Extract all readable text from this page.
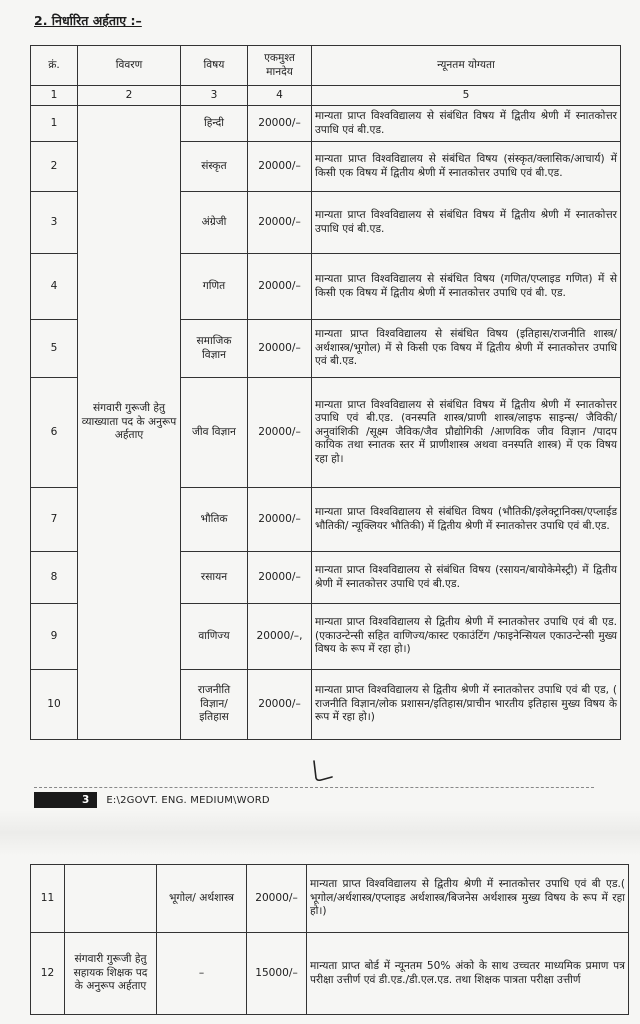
2. निर्धारित अर्हताए :–
क्रं.	विवरण	विषय	एकमुश्त मानदेय	न्यूनतम योग्यता
1	2	3	4	5
1	संगवारी गुरूजी हेतु व्याख्याता पद के अनुरूप अर्हताए	हिन्दी	20000/–	मान्यता प्राप्त विश्वविद्यालय से संबंधित विषय में द्वितीय श्रेणी में स्नातकोत्तर उपाधि एवं बी.एड.
2		संस्कृत	20000/–	मान्यता प्राप्त विश्वविद्यालय से संबंधित विषय (संस्कृत/क्लासिक/आचार्य) में किसी एक विषय में द्वितीय श्रेणी में स्नातकोत्तर उपाधि एवं बी.एड.
3		अंग्रेजी	20000/–	मान्यता प्राप्त विश्वविद्यालय से संबंधित विषय में द्वितीय श्रेणी में स्नातकोत्तर उपाधि एवं बी.एड.
4		गणित	20000/–	मान्यता प्राप्त विश्वविद्यालय से संबंधित विषय (गणित/एप्लाइड गणित) में से किसी एक विषय में द्वितीय श्रेणी में स्नातकोत्तर उपाधि एवं बी. एड.
5		समाजिक विज्ञान	20000/–	मान्यता प्राप्त विश्वविद्यालय से संबंधित विषय (इतिहास/राजनीति शास्त्र/ अर्थशास्त्र/भूगोल) में से किसी एक विषय में द्वितीय श्रेणी में स्नातकोत्तर उपाधि एवं बी.एड.
6		जीव विज्ञान	20000/–	मान्यता प्राप्त विश्वविद्यालय से संबंधित विषय में द्वितीय श्रेणी में स्नातकोत्तर उपाधि एवं बी.एड. (वनस्पति शास्त्र/प्राणी शास्त्र/लाइफ साइन्स/ जैविकी/अनुवांशिकी /सूक्ष्म जैविक/जैव प्रौद्योगिकी /आणविक जीव विज्ञान /पादप कायिक तथा स्नातक स्तर में प्राणीशास्त्र अथवा वनस्पति शास्त्र) में एक विषय रहा हो।
7		भौतिक	20000/–	मान्यता प्राप्त विश्वविद्यालय से संबंधित विषय (भौतिकी/इलेक्ट्रानिक्स/एप्लाईड भौतिकी/ न्यूक्लियर भौतिकी) में द्वितीय श्रेणी में स्नातकोत्तर उपाधि एवं बी.एड.
8		रसायन	20000/–	मान्यता प्राप्त विश्वविद्यालय से संबंधित विषय (रसायन/बायोकेमेस्ट्री) में द्वितीय श्रेणी में स्नातकोत्तर उपाधि एवं बी.एड.
9		वाणिज्य	20000/–,	मान्यता प्राप्त विश्वविद्यालय से द्वितीय श्रेणी में स्नातकोत्तर उपाधि एवं बी एड.(एकाउन्टेन्सी सहित वाणिज्य/कास्ट एकाउंटिंग /फाइनेन्सियल एकाउन्टेन्सी मुख्य विषय के रूप में रहा हो।)
10		राजनीति विज्ञान/ इतिहास	20000/–	मान्यता प्राप्त विश्वविद्यालय से द्वितीय श्रेणी में स्नातकोत्तर उपाधि एवं बी एड, ( राजनीति विज्ञान/लोक प्रशासन/इतिहास/प्राचीन भारतीय इतिहास मुख्य विषय के रूप में रहा हो।)
3 E:\2GOVT. ENG. MEDIUM\WORD
11		भूगोल/ अर्थशास्त्र	20000/–	मान्यता प्राप्त विश्वविद्यालय से द्वितीय श्रेणी में स्नातकोत्तर उपाधि एवं बी एड.( भूगोल/अर्थशास्त्र/एप्लाइड अर्थशास्त्र/बिजनेस अर्थशास्त्र मुख्य विषय के रूप में रहा हो।)
12	संगवारी गुरूजी हेतु सहायक शिक्षक पद के अनुरूप अर्हताए	–	15000/–	मान्यता प्राप्त बोर्ड में न्यूनतम 50% अंको के साथ उच्चतर माध्यमिक प्रमाण पत्र परीक्षा उत्तीर्ण एवं डी.एड./डी.एल.एड. तथा शिक्षक पात्रता परीक्षा उत्तीर्ण
